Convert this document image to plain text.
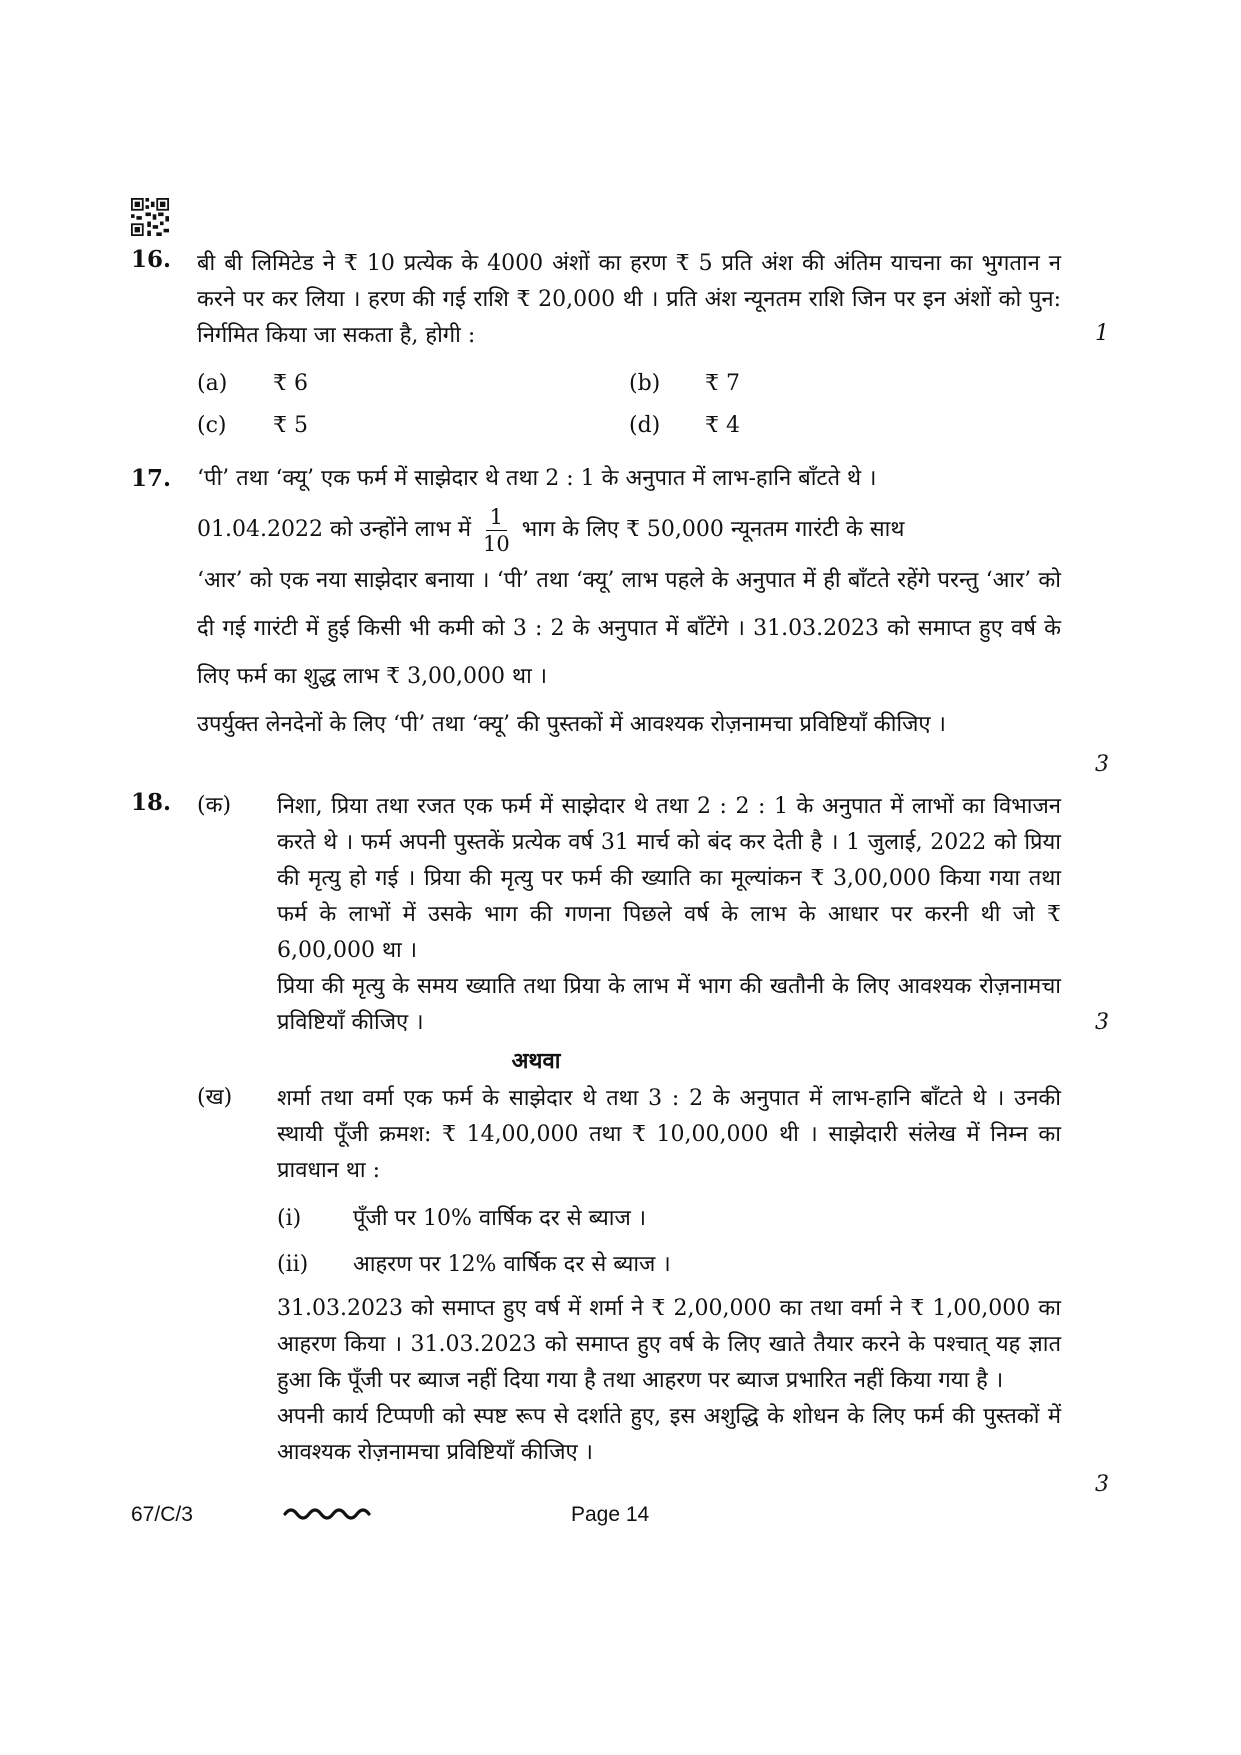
16. बी बी लिमिटेड ने ₹ 10 प्रत्येक के 4000 अंशों का हरण ₹ 5 प्रति अंश की अंतिम याचना का भुगतान न करने पर कर लिया । हरण की गई राशि ₹ 20,000 थी । प्रति अंश न्यूनतम राशि जिन पर इन अंशों को पुन: निर्गमित किया जा सकता है, होगी :
(a)	₹ 6	(b)	₹ 7
(c)	₹ 5	(d)	₹ 4
1
17. ‘पी’ तथा ‘क्यू’ एक फर्म में साझेदार थे तथा 2 : 1 के अनुपात में लाभ-हानि बाँटते थे ।
01.04.2022 को उन्होंने लाभ में $\frac{1}{10}$ भाग के लिए ₹ 50,000 न्यूनतम गारंटी के साथ
‘आर’ को एक नया साझेदार बनाया । ‘पी’ तथा ‘क्यू’ लाभ पहले के अनुपात में ही बाँटते रहेंगे परन्तु ‘आर’ को दी गई गारंटी में हुई किसी भी कमी को 3 : 2 के अनुपात में बाँटेंगे । 31.03.2023 को समाप्त हुए वर्ष के लिए फर्म का शुद्ध लाभ ₹ 3,00,000 था ।
उपर्युक्त लेनदेनों के लिए ‘पी’ तथा ‘क्यू’ की पुस्तकों में आवश्यक रोज़नामचा प्रविष्टियाँ कीजिए ।
3
18. (क) निशा, प्रिया तथा रजत एक फर्म में साझेदार थे तथा 2 : 2 : 1 के अनुपात में लाभों का विभाजन करते थे । फर्म अपनी पुस्तकें प्रत्येक वर्ष 31 मार्च को बंद कर देती है । 1 जुलाई, 2022 को प्रिया की मृत्यु हो गई । प्रिया की मृत्यु पर फर्म की ख्याति का मूल्यांकन ₹ 3,00,000 किया गया तथा फर्म के लाभों में उसके भाग की गणना पिछले वर्ष के लाभ के आधार पर करनी थी जो ₹ 6,00,000 था ।
प्रिया की मृत्यु के समय ख्याति तथा प्रिया के लाभ में भाग की खतौनी के लिए आवश्यक रोज़नामचा प्रविष्टियाँ कीजिए ।
अथवा
(ख) शर्मा तथा वर्मा एक फर्म के साझेदार थे तथा 3 : 2 के अनुपात में लाभ-हानि बाँटते थे । उनकी स्थायी पूँजी क्रमश: ₹ 14,00,000 तथा ₹ 10,00,000 थी । साझेदारी संलेख में निम्न का प्रावधान था :
(i)	पूँजी पर 10% वार्षिक दर से ब्याज ।
(ii)	आहरण पर 12% वार्षिक दर से ब्याज ।
31.03.2023 को समाप्त हुए वर्ष में शर्मा ने ₹ 2,00,000 का तथा वर्मा ने ₹ 1,00,000 का आहरण किया । 31.03.2023 को समाप्त हुए वर्ष के लिए खाते तैयार करने के पश्चात् यह ज्ञात हुआ कि पूँजी पर ब्याज नहीं दिया गया है तथा आहरण पर ब्याज प्रभारित नहीं किया गया है ।
अपनी कार्य टिप्पणी को स्पष्ट रूप से दर्शाते हुए, इस अशुद्धि के शोधन के लिए फर्म की पुस्तकों में आवश्यक रोज़नामचा प्रविष्टियाँ कीजिए ।
3
3
67/C/3	Page 14
